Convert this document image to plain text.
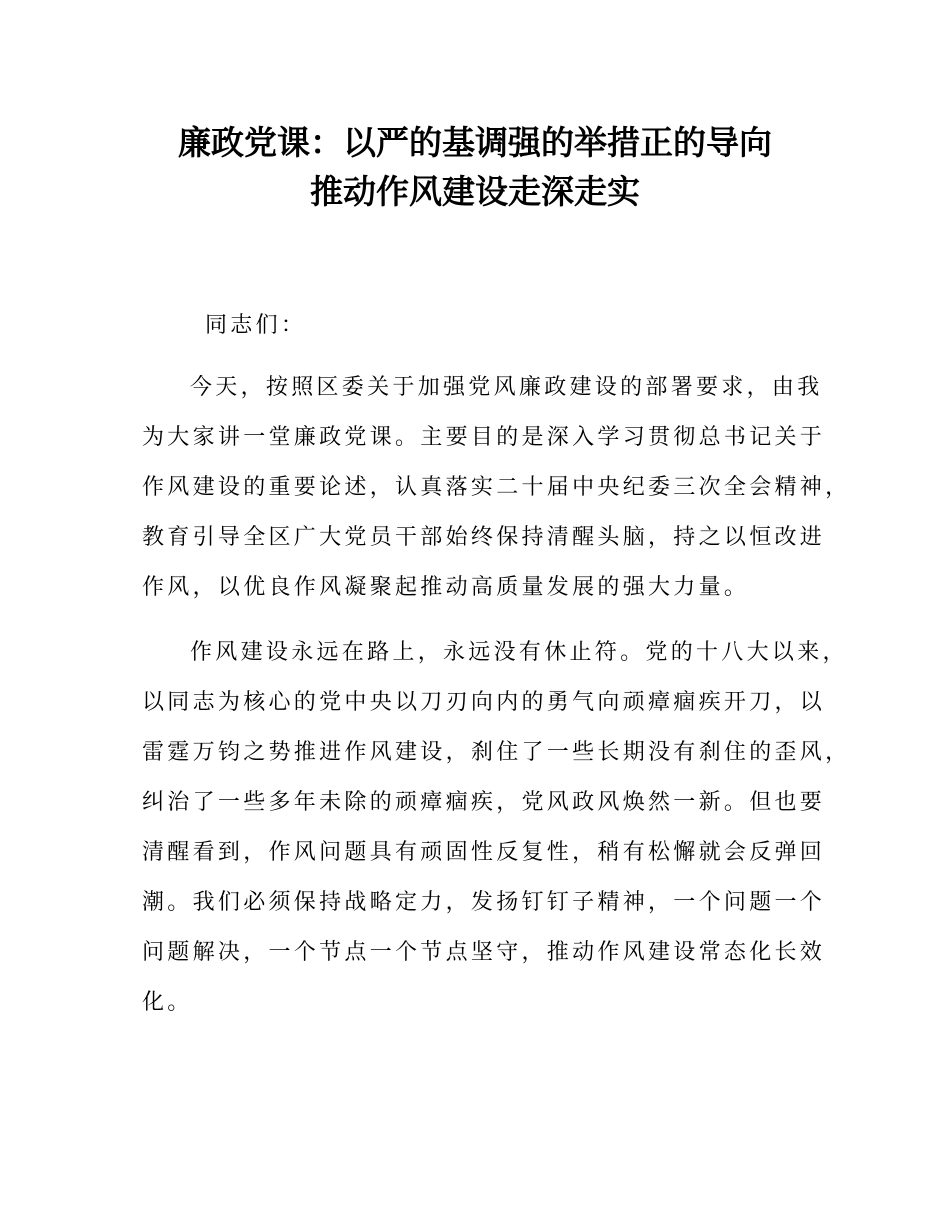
廉政党课：以严的基调强的举措正的导向
推动作风建设走深走实
同志们：
今天，按照区委关于加强党风廉政建设的部署要求，由我
为大家讲一堂廉政党课。主要目的是深入学习贯彻总书记关于
作风建设的重要论述，认真落实二十届中央纪委三次全会精神，
教育引导全区广大党员干部始终保持清醒头脑，持之以恒改进
作风，以优良作风凝聚起推动高质量发展的强大力量。
作风建设永远在路上，永远没有休止符。党的十八大以来，
以同志为核心的党中央以刀刃向内的勇气向顽瘴痼疾开刀，以
雷霆万钧之势推进作风建设，刹住了一些长期没有刹住的歪风，
纠治了一些多年未除的顽瘴痼疾，党风政风焕然一新。但也要
清醒看到，作风问题具有顽固性反复性，稍有松懈就会反弹回
潮。我们必须保持战略定力，发扬钉钉子精神，一个问题一个
问题解决，一个节点一个节点坚守，推动作风建设常态化长效
化。
